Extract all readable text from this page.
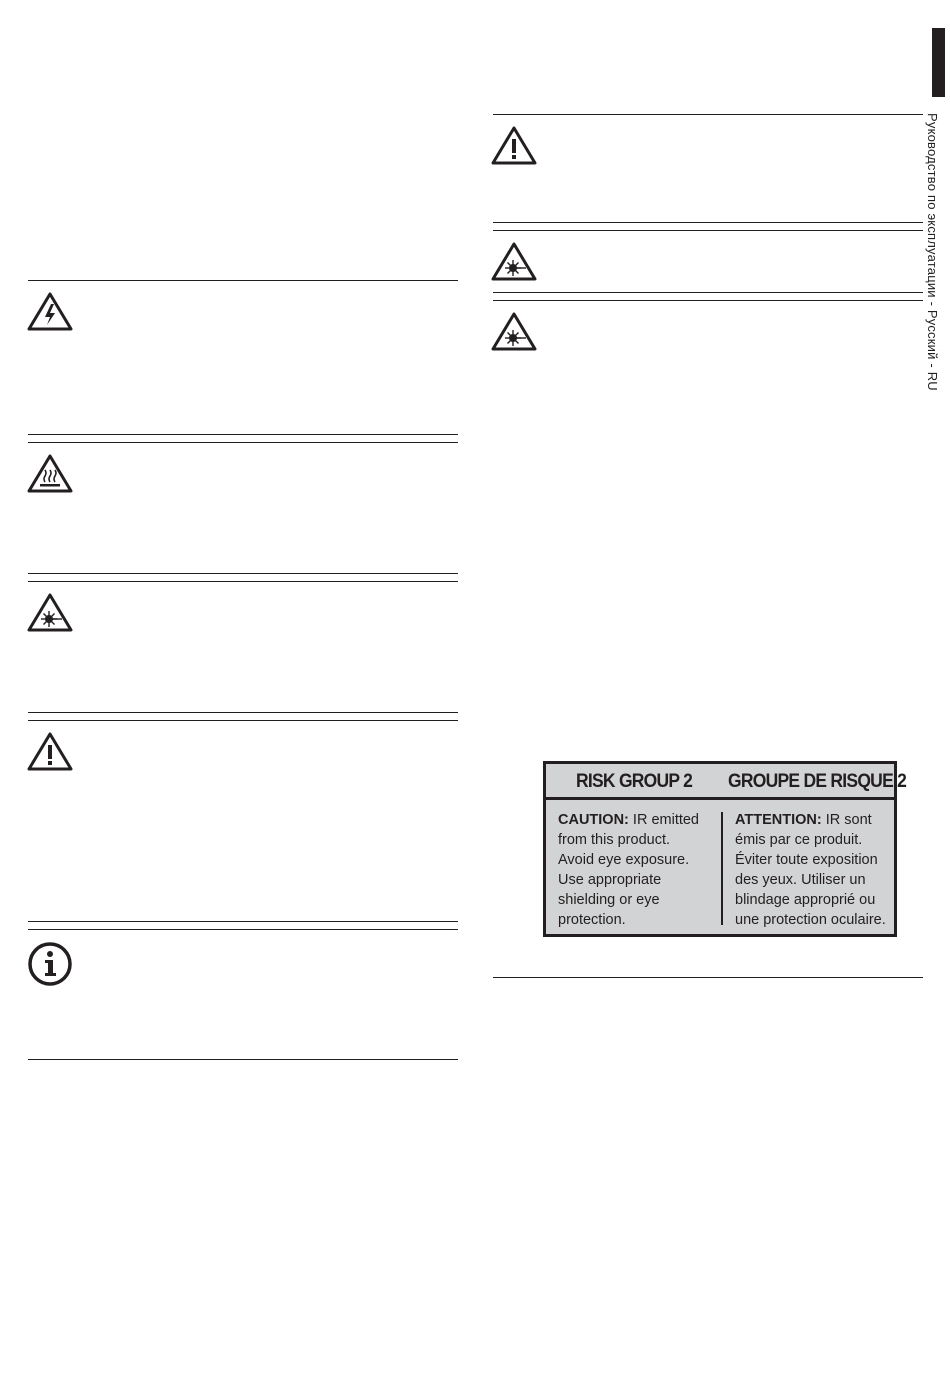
RISK GROUP 2 GROUPE DE RISQUE 2
CAUTION: IR emitted
from this product.
Avoid eye exposure.
Use appropriate
shielding or eye
protection.
ATTENTION: IR sont
émis par ce produit.
Éviter toute exposition
des yeux. Utiliser un
blindage approprié ou
une protection oculaire.
Руководство по эксплуатации - Русский - RU
